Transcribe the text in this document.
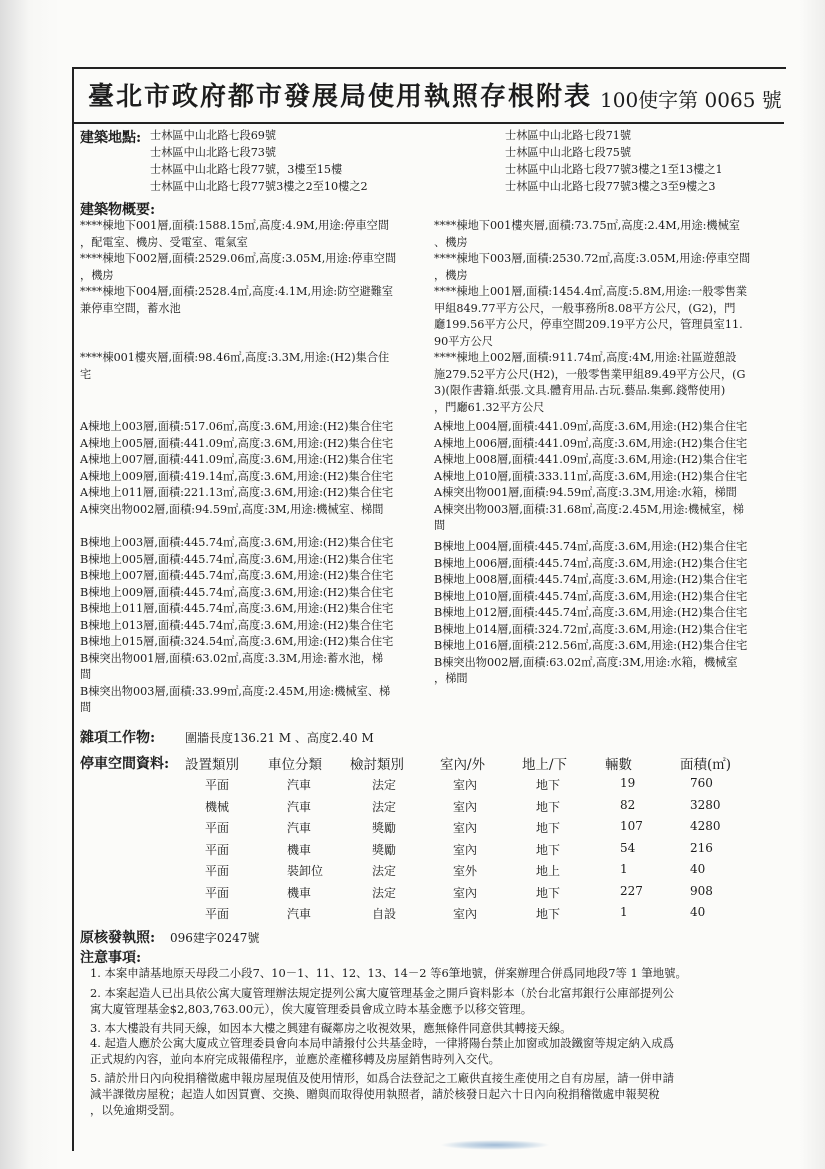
臺北市政府都市發展局使用執照存根附表 100使字第 0065 號
建築地點: 士林區中山北路七段69號
士林區中山北路七段73號
士林區中山北路七段77號，3樓至15樓
士林區中山北路七段77號3樓之2至10樓之2
士林區中山北路七段71號
士林區中山北路七段75號
士林區中山北路七段77號3樓之1至13樓之1
士林區中山北路七段77號3樓之3至9樓之3
建築物概要:
****棟地下001層,面積:1588.15㎡,高度:4.9M,用途:停車空間
，配電室、機房、受電室、電氣室
****棟地下002層,面積:2529.06㎡,高度:3.05M,用途:停車空間
，機房
****棟地下004層,面積:2528.4㎡,高度:4.1M,用途:防空避難室
兼停車空間，蓄水池
****棟001樓夾層,面積:98.46㎡,高度:3.3M,用途:(H2)集合住
宅
A棟地上003層,面積:517.06㎡,高度:3.6M,用途:(H2)集合住宅
A棟地上005層,面積:441.09㎡,高度:3.6M,用途:(H2)集合住宅
A棟地上007層,面積:441.09㎡,高度:3.6M,用途:(H2)集合住宅
A棟地上009層,面積:419.14㎡,高度:3.6M,用途:(H2)集合住宅
A棟地上011層,面積:221.13㎡,高度:3.6M,用途:(H2)集合住宅
A棟突出物002層,面積:94.59㎡,高度:3M,用途:機械室、梯間
B棟地上003層,面積:445.74㎡,高度:3.6M,用途:(H2)集合住宅
B棟地上005層,面積:445.74㎡,高度:3.6M,用途:(H2)集合住宅
B棟地上007層,面積:445.74㎡,高度:3.6M,用途:(H2)集合住宅
B棟地上009層,面積:445.74㎡,高度:3.6M,用途:(H2)集合住宅
B棟地上011層,面積:445.74㎡,高度:3.6M,用途:(H2)集合住宅
B棟地上013層,面積:445.74㎡,高度:3.6M,用途:(H2)集合住宅
B棟地上015層,面積:324.54㎡,高度:3.6M,用途:(H2)集合住宅
B棟突出物001層,面積:63.02㎡,高度:3.3M,用途:蓄水池，梯
間
B棟突出物003層,面積:33.99㎡,高度:2.45M,用途:機械室、梯
間
****棟地下001樓夾層,面積:73.75㎡,高度:2.4M,用途:機械室
、機房
****棟地下003層,面積:2530.72㎡,高度:3.05M,用途:停車空間
，機房
****棟地上001層,面積:1454.4㎡,高度:5.8M,用途:一般零售業
甲組849.77平方公尺，一般事務所8.08平方公尺，(G2)，門
廳199.56平方公尺，停車空間209.19平方公尺，管理員室11.
90平方公尺
****棟地上002層,面積:911.74㎡,高度:4M,用途:社區遊憩設
施279.52平方公尺(H2)，一般零售業甲組89.49平方公尺，(G
3)(限作書籍.紙張.文具.體育用品.古玩.藝品.集郵.錢幣使用)
，門廳61.32平方公尺
A棟地上004層,面積:441.09㎡,高度:3.6M,用途:(H2)集合住宅
A棟地上006層,面積:441.09㎡,高度:3.6M,用途:(H2)集合住宅
A棟地上008層,面積:441.09㎡,高度:3.6M,用途:(H2)集合住宅
A棟地上010層,面積:333.11㎡,高度:3.6M,用途:(H2)集合住宅
A棟突出物001層,面積:94.59㎡,高度:3.3M,用途:水箱，梯間
A棟突出物003層,面積:31.68㎡,高度:2.45M,用途:機械室，梯
間
B棟地上004層,面積:445.74㎡,高度:3.6M,用途:(H2)集合住宅
B棟地上006層,面積:445.74㎡,高度:3.6M,用途:(H2)集合住宅
B棟地上008層,面積:445.74㎡,高度:3.6M,用途:(H2)集合住宅
B棟地上010層,面積:445.74㎡,高度:3.6M,用途:(H2)集合住宅
B棟地上012層,面積:445.74㎡,高度:3.6M,用途:(H2)集合住宅
B棟地上014層,面積:324.72㎡,高度:3.6M,用途:(H2)集合住宅
B棟地上016層,面積:212.56㎡,高度:3.6M,用途:(H2)集合住宅
B棟突出物002層,面積:63.02㎡,高度:3M,用途:水箱，機械室
，梯間
雜項工作物: 圍牆長度136.21 M 、高度2.40 M
停車空間資料: 設置類別 車位分類 檢討類別	室內/外	地上/下	輛數	面積(㎡)
平面	汽車	法定	室內	地下	19	760
機械	汽車	法定	室內	地下	82	3280
平面	汽車	獎勵	室內	地下	107	4280
平面	機車	獎勵	室內	地下	54	216
平面	裝卸位	法定	室外	地上	1	40
平面	機車	法定	室內	地下	227	908
平面	汽車	自設	室內	地下	1	40
原核發執照: 096建字0247號
注意事項:
1. 本案申請基地原天母段二小段7、10－1、11、12、13、14－2 等6筆地號，併案辦理合併爲同地段7等 1 筆地號。
2. 本案起造人已出具依公寓大廈管理辦法規定提列公寓大廈管理基金之開戶資料影本（於台北富邦銀行公庫部提列公
寓大廈管理基金$2,803,763.00元），俟大廈管理委員會成立時本基金應予以移交管理。
3. 本大樓設有共同天線，如因本大樓之興建有礙鄰房之收視效果，應無條件同意供其轉接天線。
4. 起造人應於公寓大廈成立管理委員會向本局申請撥付公共基金時，一律將陽台禁止加窗或加設鐵窗等規定納入成爲
正式規約內容，並向本府完成報備程序，並應於產權移轉及房屋銷售時列入交代。
5. 請於卅日內向稅捐稽徵處申報房屋現值及使用情形，如爲合法登記之工廠供直接生產使用之自有房屋，請一併申請
減半課徵房屋稅；起造人如因買賣、交換、贈與而取得使用執照者，請於核發日起六十日內向稅捐稽徵處申報契稅
，以免逾期受罰。
